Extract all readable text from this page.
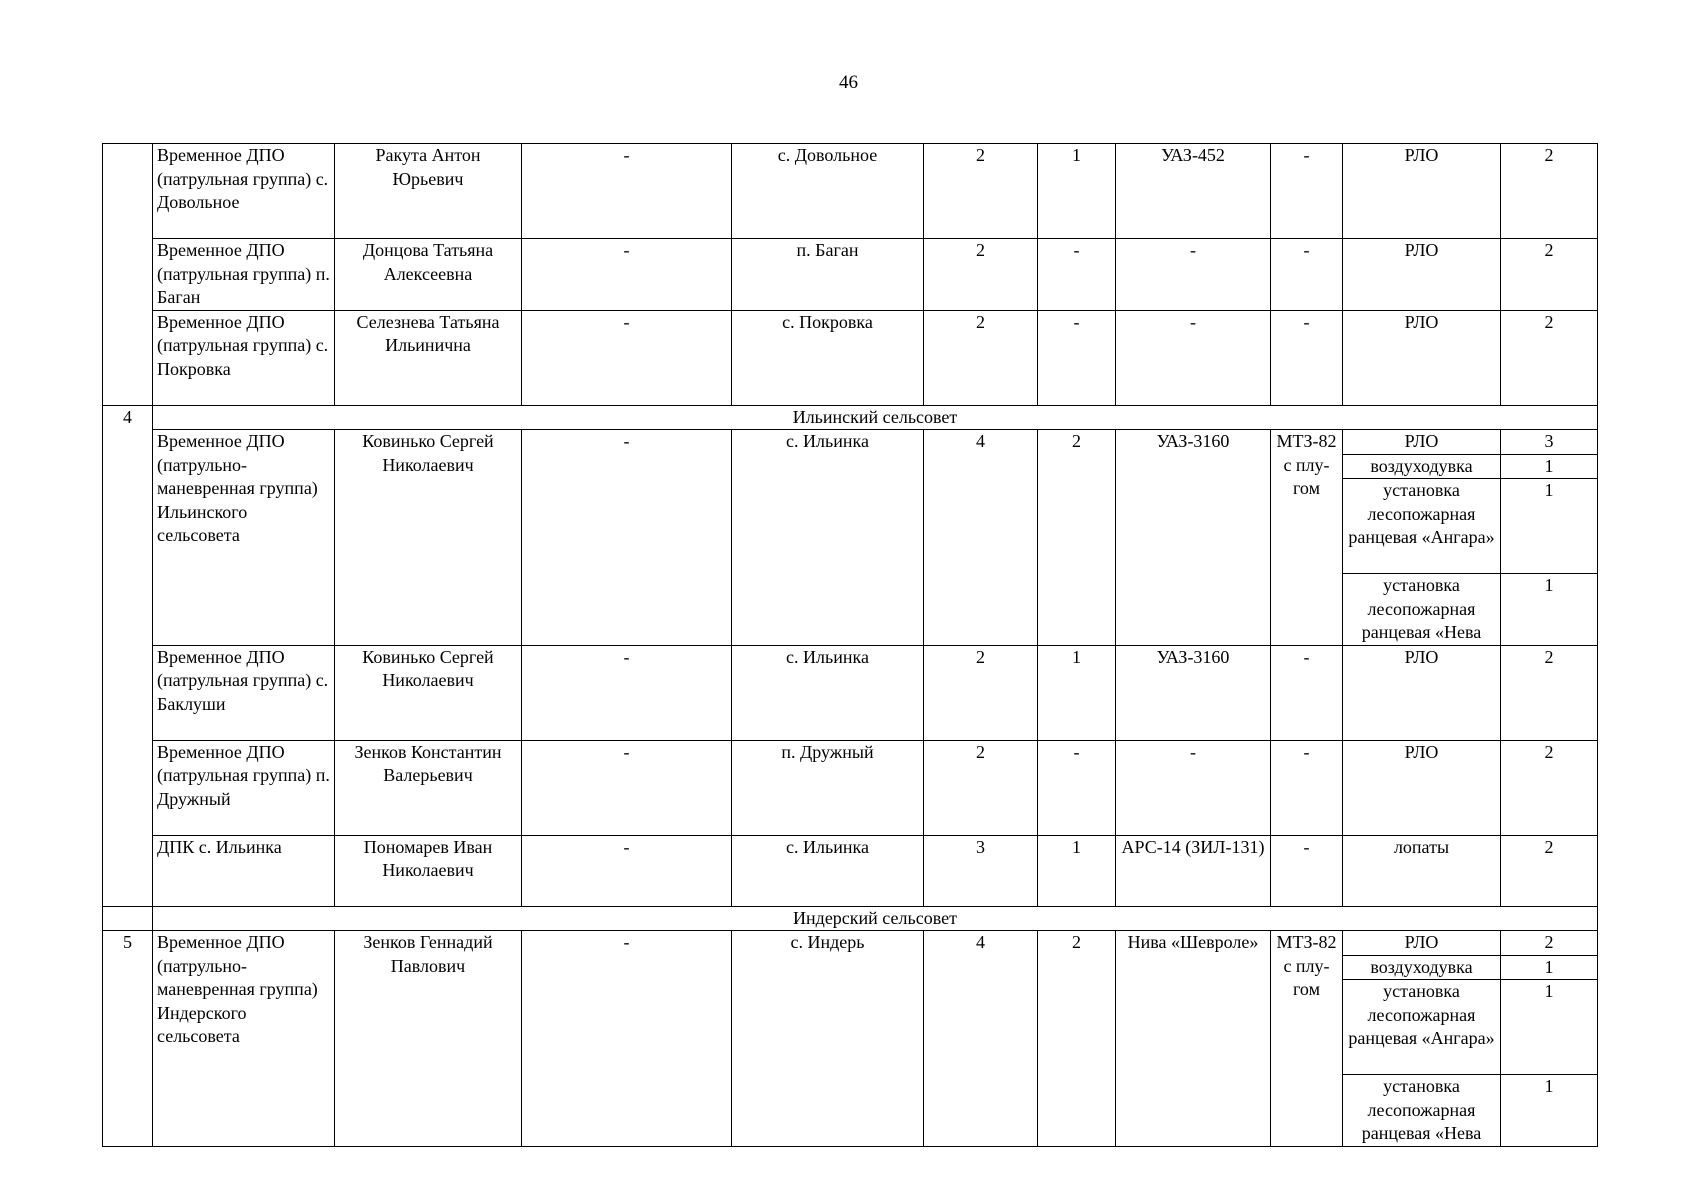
46
	Временное ДПО (патрульная группа) с. Довольное	Ракута Антон Юрьевич	-	с. Довольное	2	1	УАЗ-452	-	РЛО	2
	Временное ДПО (патрульная группа) п. Баган	Донцова Татьяна Алексеевна	-	п. Баган	2	-	-	-	РЛО	2
	Временное ДПО (патрульная группа) с. Покровка	Селезнева Татьяна Ильинична	-	с. Покровка	2	-	-	-	РЛО	2
4	Ильинский сельсовет									
	Временное ДПО (патрульно-маневренная группа) Ильинского сельсовета	Ковинько Сергей Николаевич	-	с. Ильинка	4	2	УАЗ-3160	МТЗ-82 с плу-гом	РЛО	3
									воздуходувка	1
									установка лесопожарная ранцевая «Ангара»	1
									установка лесопожарная ранцевая «Нева	1
	Временное ДПО (патрульная группа) с. Баклуши	Ковинько Сергей Николаевич	-	с. Ильинка	2	1	УАЗ-3160	-	РЛО	2
	Временное ДПО (патрульная группа) п. Дружный	Зенков Константин Валерьевич	-	п. Дружный	2	-	-	-	РЛО	2
	ДПК с. Ильинка	Пономарев Иван Николаевич	-	с. Ильинка	3	1	АРС-14 (ЗИЛ-131)	-	лопаты	2
	Индерский сельсовет									
5	Временное ДПО (патрульно-маневренная группа) Индерского сельсовета	Зенков Геннадий Павлович	-	с. Индерь	4	2	Нива «Шевроле»	МТЗ-82 с плу-гом	РЛО	2
									воздуходувка	1
									установка лесопожарная ранцевая «Ангара»	1
									установка лесопожарная ранцевая «Нева	1
